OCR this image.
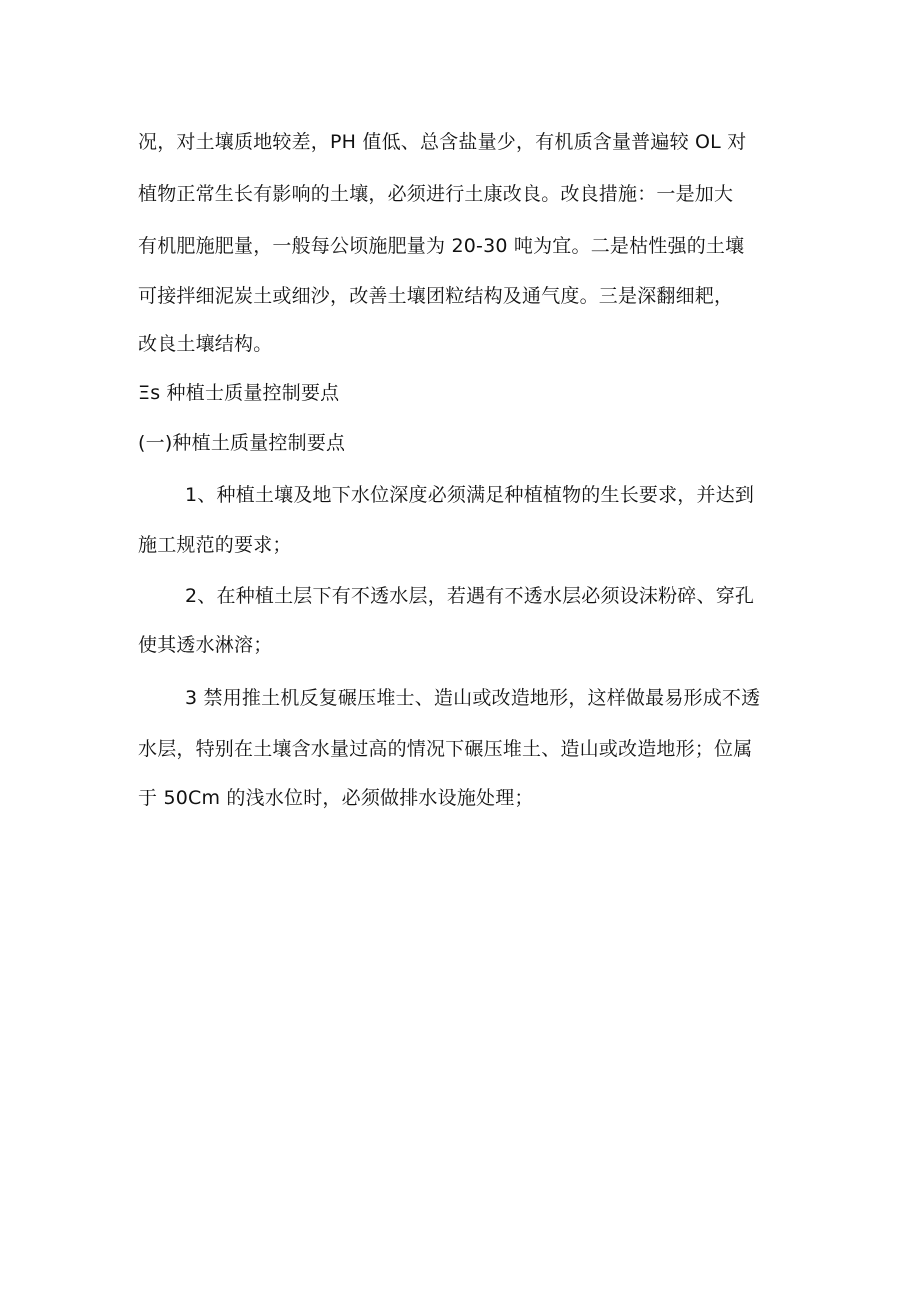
况，对土壤质地较差，PH 值低、总含盐量少，有机质含量普遍较 OL 对
植物正常生长有影响的土壤，必须进行土康改良。改良措施：一是加大
有机肥施肥量，一般每公顷施肥量为 20-30 吨为宜。二是枯性强的土壤
可接拌细泥炭土或细沙，改善土壤团粒结构及通气度。三是深翻细耙，
改良土壤结构。
Ξs 种植士质量控制要点
(一)种植土质量控制要点
1、种植土壤及地下水位深度必须满足种植植物的生长要求，并达到
施工规范的要求；
2、在种植土层下有不透水层，若遇有不透水层必须设沫粉碎、穿孔
使其透水淋溶；
3 禁用推土机反复碾压堆士、造山或改造地形，这样做最易形成不透
水层，特别在土壤含水量过高的情况下碾压堆土、造山或改造地形；位属
于 50Cm 的浅水位时，必须做排水设施处理；
